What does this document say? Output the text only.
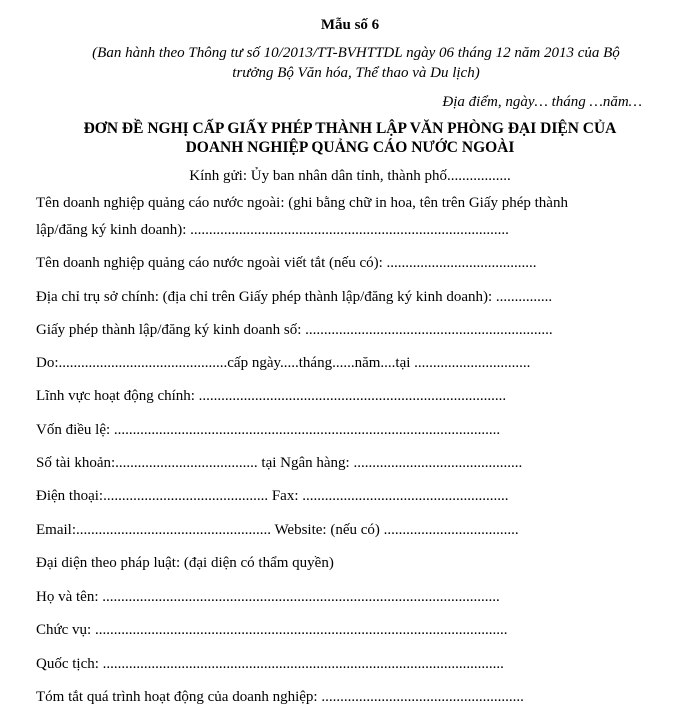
Mẫu số 6
(Ban hành theo Thông tư số 10/2013/TT-BVHTTDL ngày 06 tháng 12 năm 2013 của Bộ
trưởng Bộ Văn hóa, Thể thao và Du lịch)
Địa điểm, ngày… tháng …năm…
ĐƠN ĐỀ NGHỊ CẤP GIẤY PHÉP THÀNH LẬP VĂN PHÒNG ĐẠI DIỆN CỦA
DOANH NGHIỆP QUẢNG CÁO NƯỚC NGOÀI
Kính gửi: Ủy ban nhân dân tỉnh, thành phố.................
Tên doanh nghiệp quảng cáo nước ngoài: (ghi bằng chữ in hoa, tên trên Giấy phép thành
lập/đăng ký kinh doanh): .....................................................................................
Tên doanh nghiệp quảng cáo nước ngoài viết tắt (nếu có): ........................................
Địa chỉ trụ sở chính: (địa chỉ trên Giấy phép thành lập/đăng ký kinh doanh): ...............
Giấy phép thành lập/đăng ký kinh doanh số: ..................................................................
Do:.............................................cấp ngày.....tháng......năm....tại ...............................
Lĩnh vực hoạt động chính: ..................................................................................
Vốn điều lệ: .......................................................................................................
Số tài khoản:...................................... tại Ngân hàng: .............................................
Điện thoại:............................................ Fax: .......................................................
Email:.................................................... Website: (nếu có) ....................................
Đại diện theo pháp luật: (đại diện có thẩm quyền)
Họ và tên: ..........................................................................................................
Chức vụ: ..............................................................................................................
Quốc tịch: ...........................................................................................................
Tóm tắt quá trình hoạt động của doanh nghiệp: ......................................................
